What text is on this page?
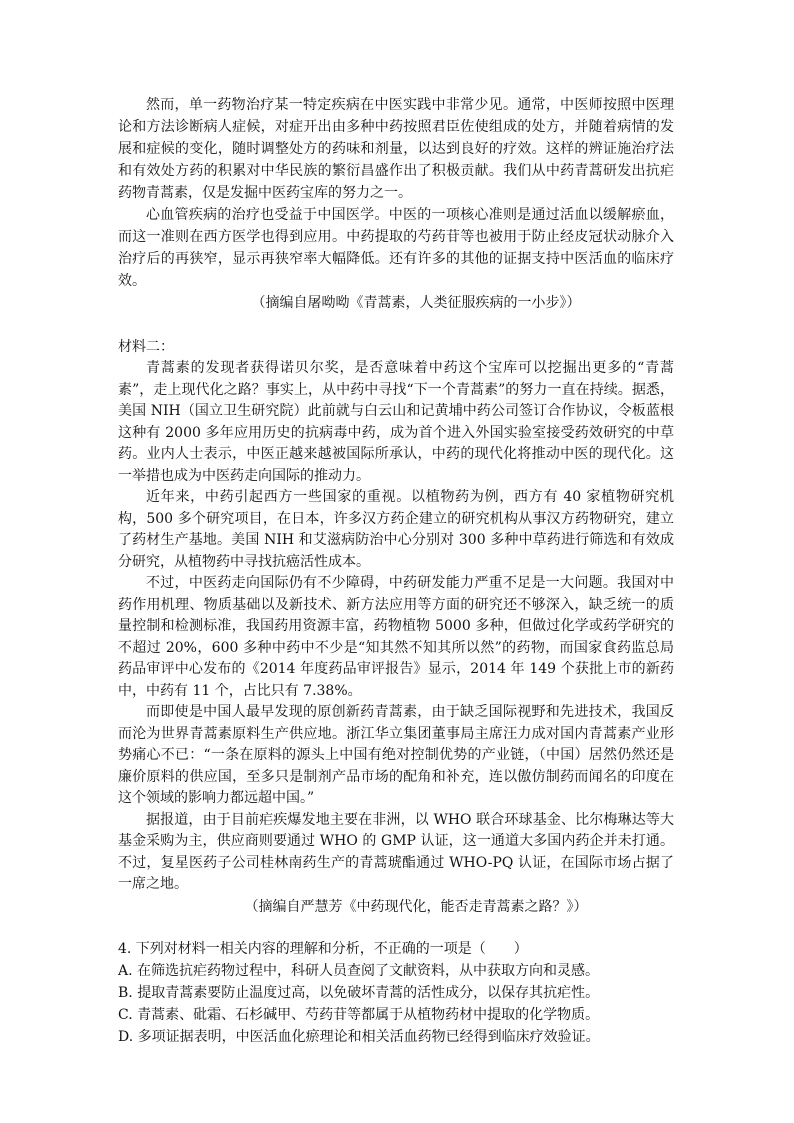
然而，单一药物治疗某一特定疾病在中医实践中非常少见。通常，中医师按照中医理论和方法诊断病人症候，对症开出由多种中药按照君臣佐使组成的处方，并随着病情的发展和症候的变化，随时调整处方的药味和剂量，以达到良好的疗效。这样的辨证施治疗法和有效处方药的积累对中华民族的繁衍昌盛作出了积极贡献。我们从中药青蒿研发出抗疟药物青蒿素，仅是发掘中医药宝库的努力之一。

心血管疾病的治疗也受益于中国医学。中医的一项核心准则是通过活血以缓解瘀血，而这一准则在西方医学也得到应用。中药提取的芍药苷等也被用于防止经皮冠状动脉介入治疗后的再狭窄，显示再狭窄率大幅降低。还有许多的其他的证据支持中医活血的临床疗效。

（摘编自屠呦呦《青蒿素，人类征服疾病的一小步》）

材料二：

青蒿素的发现者获得诺贝尔奖，是否意味着中药这个宝库可以挖掘出更多的“青蒿素”，走上现代化之路？事实上，从中药中寻找“下一个青蒿素”的努力一直在持续。据悉，美国 NIH（国立卫生研究院）此前就与白云山和记黄埔中药公司签订合作协议，令板蓝根这种有 2000 多年应用历史的抗病毒中药，成为首个进入外国实验室接受药效研究的中草药。业内人士表示，中医正越来越被国际所承认，中药的现代化将推动中医的现代化。这一举措也成为中医药走向国际的推动力。

近年来，中药引起西方一些国家的重视。以植物药为例，西方有 40 家植物研究机构，500 多个研究项目，在日本，许多汉方药企建立的研究机构从事汉方药物研究，建立了药材生产基地。美国 NIH 和艾滋病防治中心分别对 300 多种中草药进行筛选和有效成分研究，从植物药中寻找抗癌活性成本。

不过，中医药走向国际仍有不少障碍，中药研发能力严重不足是一大问题。我国对中药作用机理、物质基础以及新技术、新方法应用等方面的研究还不够深入，缺乏统一的质量控制和检测标准，我国药用资源丰富，药物植物 5000 多种，但做过化学或药学研究的不超过 20%，600 多种中药中不少是“知其然不知其所以然”的药物，而国家食药监总局药品审评中心发布的《2014 年度药品审评报告》显示，2014 年 149 个获批上市的新药中，中药有 11 个，占比只有 7.38%。

而即使是中国人最早发现的原创新药青蒿素，由于缺乏国际视野和先进技术，我国反而沦为世界青蒿素原料生产供应地。浙江华立集团董事局主席汪力成对国内青蒿素产业形势痛心不已：“一条在原料的源头上中国有绝对控制优势的产业链，（中国）居然仍然还是廉价原料的供应国，至多只是制剂产品市场的配角和补充，连以傲仿制药而闻名的印度在这个领域的影响力都远超中国。”

据报道，由于目前疟疾爆发地主要在非洲，以 WHO 联合环球基金、比尔梅琳达等大基金采购为主，供应商则要通过 WHO 的 GMP 认证，这一通道大多国内药企并未打通。不过，复星医药子公司桂林南药生产的青蒿琥酯通过 WHO-PQ 认证，在国际市场占据了一席之地。

（摘编自严慧芳《中药现代化，能否走青蒿素之路？》）

4. 下列对材料一相关内容的理解和分析，不正确的一项是（　　）

A. 在筛选抗疟药物过程中，科研人员查阅了文献资料，从中获取方向和灵感。

B. 提取青蒿素要防止温度过高，以免破坏青蒿的活性成分，以保存其抗疟性。

C. 青蒿素、砒霜、石杉碱甲、芍药苷等都属于从植物药材中提取的化学物质。

D. 多项证据表明，中医活血化瘀理论和相关活血药物已经得到临床疗效验证。
